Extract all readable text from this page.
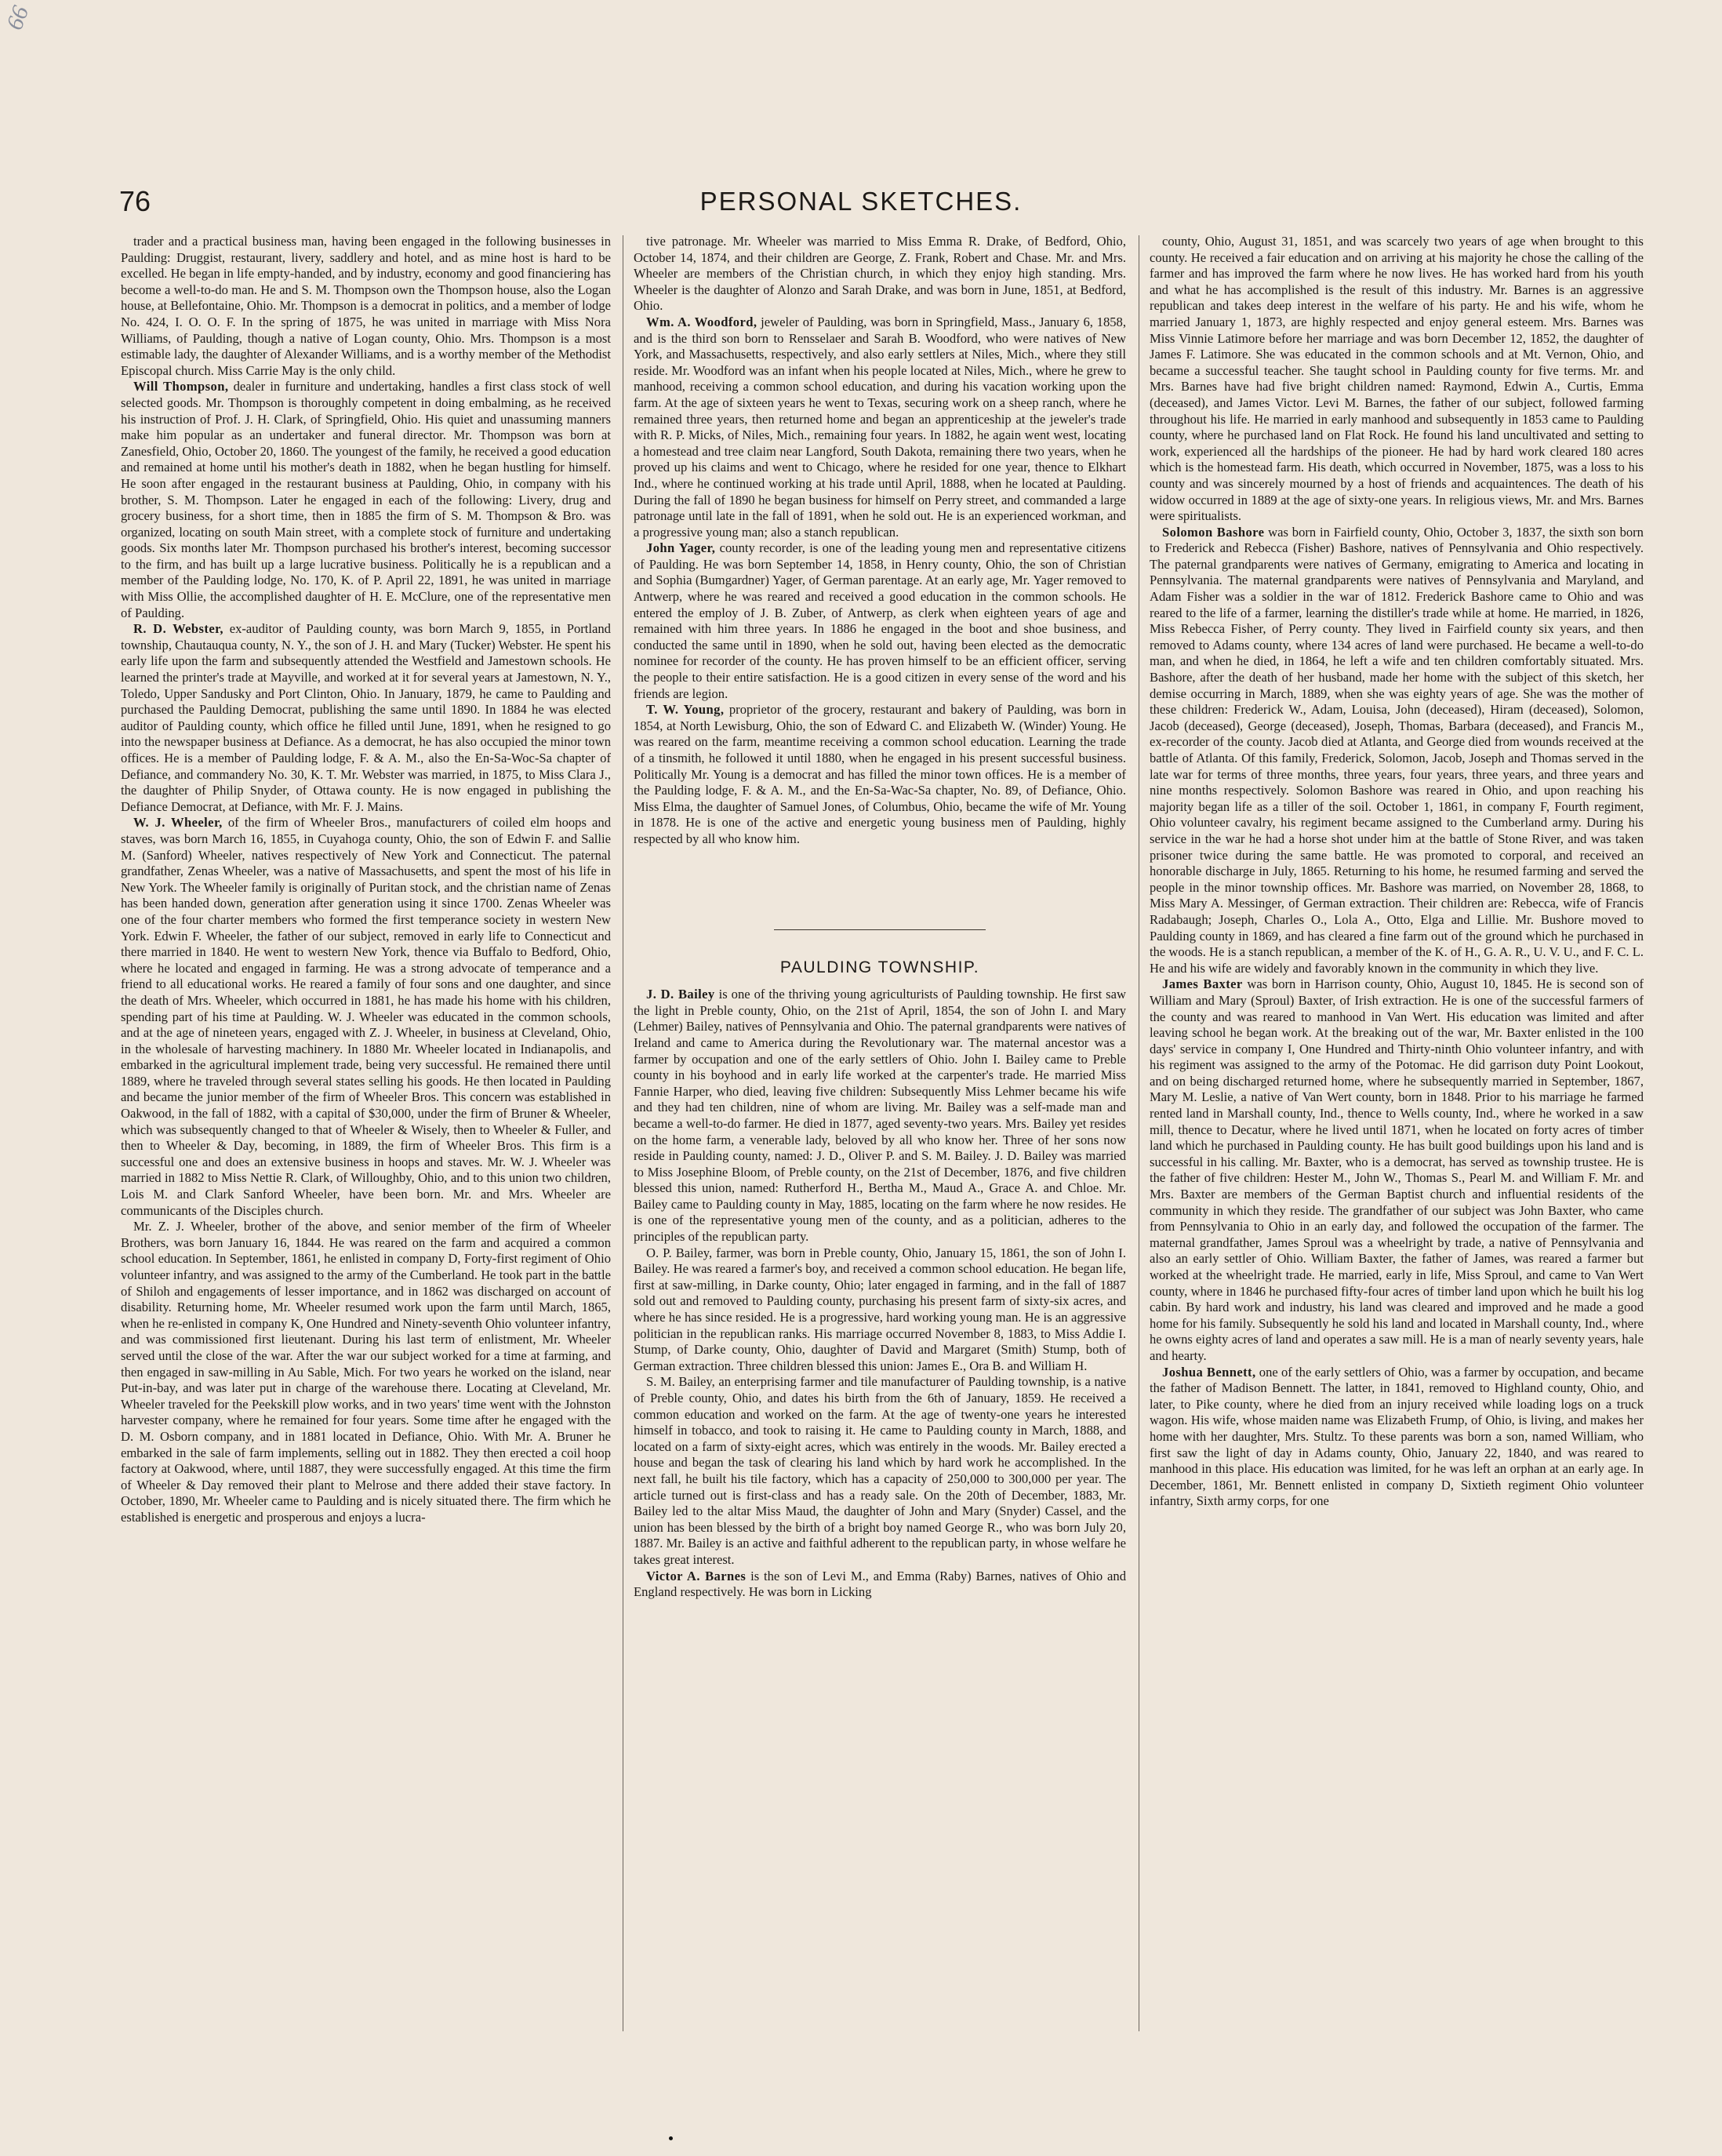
66
76	PERSONAL SKETCHES.

trader and a practical business man, having been engaged in the following businesses in Paulding: Druggist, restaurant, livery, saddlery and hotel, and as mine host is hard to be excelled. He began in life empty-handed, and by industry, economy and good financiering has become a well-to-do man. He and S. M. Thompson own the Thompson house, also the Logan house, at Bellefontaine, Ohio. Mr. Thompson is a democrat in politics, and a member of lodge No. 424, I. O. O. F. In the spring of 1875, he was united in marriage with Miss Nora Williams, of Paulding, though a native of Logan county, Ohio. Mrs. Thompson is a most estimable lady, the daughter of Alexander Williams, and is a worthy member of the Methodist Episcopal church. Miss Carrie May is the only child.

Will Thompson, dealer in furniture and undertaking, handles a first class stock of well selected goods. Mr. Thompson is thoroughly competent in doing embalming, as he received his instruction of Prof. J. H. Clark, of Springfield, Ohio. His quiet and unassuming manners make him popular as an undertaker and funeral director. Mr. Thompson was born at Zanesfield, Ohio, October 20, 1860. The youngest of the family, he received a good education and remained at home until his mother's death in 1882, when he began hustling for himself. He soon after engaged in the restaurant business at Paulding, Ohio, in company with his brother, S. M. Thompson. Later he engaged in each of the following: Livery, drug and grocery business, for a short time, then in 1885 the firm of S. M. Thompson & Bro. was organized, locating on south Main street, with a complete stock of furniture and undertaking goods. Six months later Mr. Thompson purchased his brother's interest, becoming successor to the firm, and has built up a large lucrative business. Politically he is a republican and a member of the Paulding lodge, No. 170, K. of P. April 22, 1891, he was united in marriage with Miss Ollie, the accomplished daughter of H. E. McClure, one of the representative men of Paulding.

R. D. Webster, ex-auditor of Paulding county, was born March 9, 1855, in Portland township, Chautauqua county, N. Y., the son of J. H. and Mary (Tucker) Webster. He spent his early life upon the farm and subsequently attended the Westfield and Jamestown schools. He learned the printer's trade at Mayville, and worked at it for several years at Jamestown, N. Y., Toledo, Upper Sandusky and Port Clinton, Ohio. In January, 1879, he came to Paulding and purchased the Paulding Democrat, publishing the same until 1890. In 1884 he was elected auditor of Paulding county, which office he filled until June, 1891, when he resigned to go into the newspaper business at Defiance. As a democrat, he has also occupied the minor town offices. He is a member of Paulding lodge, F. & A. M., also the En-Sa-Woc-Sa chapter of Defiance, and commandery No. 30, K. T. Mr. Webster was married, in 1875, to Miss Clara J., the daughter of Philip Snyder, of Ottawa county. He is now engaged in publishing the Defiance Democrat, at Defiance, with Mr. F. J. Mains.

W. J. Wheeler, of the firm of Wheeler Bros., manufacturers of coiled elm hoops and staves, was born March 16, 1855, in Cuyahoga county, Ohio, the son of Edwin F. and Sallie M. (Sanford) Wheeler, natives respectively of New York and Connecticut. The paternal grandfather, Zenas Wheeler, was a native of Massachusetts, and spent the most of his life in New York. The Wheeler family is originally of Puritan stock, and the christian name of Zenas has been handed down, generation after generation using it since 1700. Zenas Wheeler was one of the four charter members who formed the first temperance society in western New York. Edwin F. Wheeler, the father of our subject, removed in early life to Connecticut and there married in 1840. He went to western New York, thence via Buffalo to Bedford, Ohio, where he located and engaged in farming. He was a strong advocate of temperance and a friend to all educational works. He reared a family of four sons and one daughter, and since the death of Mrs. Wheeler, which occurred in 1881, he has made his home with his children, spending part of his time at Paulding. W. J. Wheeler was educated in the common schools, and at the age of nineteen years, engaged with Z. J. Wheeler, in business at Cleveland, Ohio, in the wholesale of harvesting machinery. In 1880 Mr. Wheeler located in Indianapolis, and embarked in the agricultural implement trade, being very successful. He remained there until 1889, where he traveled through several states selling his goods. He then located in Paulding and became the junior member of the firm of Wheeler Bros. This concern was established in Oakwood, in the fall of 1882, with a capital of $30,000, under the firm of Bruner & Wheeler, which was subsequently changed to that of Wheeler & Wisely, then to Wheeler & Fuller, and then to Wheeler & Day, becoming, in 1889, the firm of Wheeler Bros. This firm is a successful one and does an extensive business in hoops and staves. Mr. W. J. Wheeler was married in 1882 to Miss Nettie R. Clark, of Willoughby, Ohio, and to this union two children, Lois M. and Clark Sanford Wheeler, have been born. Mr. and Mrs. Wheeler are communicants of the Disciples church.

Mr. Z. J. Wheeler, brother of the above, and senior member of the firm of Wheeler Brothers, was born January 16, 1844. He was reared on the farm and acquired a common school education. In September, 1861, he enlisted in company D, Forty-first regiment of Ohio volunteer infantry, and was assigned to the army of the Cumberland. He took part in the battle of Shiloh and engagements of lesser importance, and in 1862 was discharged on account of disability. Returning home, Mr. Wheeler resumed work upon the farm until March, 1865, when he re-enlisted in company K, One Hundred and Ninety-seventh Ohio volunteer infantry, and was commissioned first lieutenant. During his last term of enlistment, Mr. Wheeler served until the close of the war. After the war our subject worked for a time at farming, and then engaged in saw-milling in Au Sable, Mich. For two years he worked on the island, near Put-in-bay, and was later put in charge of the warehouse there. Locating at Cleveland, Mr. Wheeler traveled for the Peekskill plow works, and in two years' time went with the Johnston harvester company, where he remained for four years. Some time after he engaged with the D. M. Osborn company, and in 1881 located in Defiance, Ohio. With Mr. A. Bruner he embarked in the sale of farm implements, selling out in 1882. They then erected a coil hoop factory at Oakwood, where, until 1887, they were successfully engaged. At this time the firm of Wheeler & Day removed their plant to Melrose and there added their stave factory. In October, 1890, Mr. Wheeler came to Paulding and is nicely situated there. The firm which he established is energetic and prosperous and enjoys a lucra-

tive patronage. Mr. Wheeler was married to Miss Emma R. Drake, of Bedford, Ohio, October 14, 1874, and their children are George, Z. Frank, Robert and Chase. Mr. and Mrs. Wheeler are members of the Christian church, in which they enjoy high standing. Mrs. Wheeler is the daughter of Alonzo and Sarah Drake, and was born in June, 1851, at Bedford, Ohio.

Wm. A. Woodford, jeweler of Paulding, was born in Springfield, Mass., January 6, 1858, and is the third son born to Rensselaer and Sarah B. Woodford, who were natives of New York, and Massachusetts, respectively, and also early settlers at Niles, Mich., where they still reside. Mr. Woodford was an infant when his people located at Niles, Mich., where he grew to manhood, receiving a common school education, and during his vacation working upon the farm. At the age of sixteen years he went to Texas, securing work on a sheep ranch, where he remained three years, then returned home and began an apprenticeship at the jeweler's trade with R. P. Micks, of Niles, Mich., remaining four years. In 1882, he again went west, locating a homestead and tree claim near Langford, South Dakota, remaining there two years, when he proved up his claims and went to Chicago, where he resided for one year, thence to Elkhart Ind., where he continued working at his trade until April, 1888, when he located at Paulding. During the fall of 1890 he began business for himself on Perry street, and commanded a large patronage until late in the fall of 1891, when he sold out. He is an experienced workman, and a progressive young man; also a stanch republican.

John Yager, county recorder, is one of the leading young men and representative citizens of Paulding. He was born September 14, 1858, in Henry county, Ohio, the son of Christian and Sophia (Bumgardner) Yager, of German parentage. At an early age, Mr. Yager removed to Antwerp, where he was reared and received a good education in the common schools. He entered the employ of J. B. Zuber, of Antwerp, as clerk when eighteen years of age and remained with him three years. In 1886 he engaged in the boot and shoe business, and conducted the same until in 1890, when he sold out, having been elected as the democratic nominee for recorder of the county. He has proven himself to be an efficient officer, serving the people to their entire satisfaction. He is a good citizen in every sense of the word and his friends are legion.

T. W. Young, proprietor of the grocery, restaurant and bakery of Paulding, was born in 1854, at North Lewisburg, Ohio, the son of Edward C. and Elizabeth W. (Winder) Young. He was reared on the farm, meantime receiving a common school education. Learning the trade of a tinsmith, he followed it until 1880, when he engaged in his present successful business. Politically Mr. Young is a democrat and has filled the minor town offices. He is a member of the Paulding lodge, F. & A. M., and the En-Sa-Wac-Sa chapter, No. 89, of Defiance, Ohio. Miss Elma, the daughter of Samuel Jones, of Columbus, Ohio, became the wife of Mr. Young in 1878. He is one of the active and energetic young business men of Paulding, highly respected by all who know him.

PAULDING TOWNSHIP.

J. D. Bailey is one of the thriving young agriculturists of Paulding township. He first saw the light in Preble county, Ohio, on the 21st of April, 1854, the son of John I. and Mary (Lehmer) Bailey, natives of Pennsylvania and Ohio. The paternal grandparents were natives of Ireland and came to America during the Revolutionary war. The maternal ancestor was a farmer by occupation and one of the early settlers of Ohio. John I. Bailey came to Preble county in his boyhood and in early life worked at the carpenter's trade. He married Miss Fannie Harper, who died, leaving five children: Subsequently Miss Lehmer became his wife and they had ten children, nine of whom are living. Mr. Bailey was a self-made man and became a well-to-do farmer. He died in 1877, aged seventy-two years. Mrs. Bailey yet resides on the home farm, a venerable lady, beloved by all who know her. Three of her sons now reside in Paulding county, named: J. D., Oliver P. and S. M. Bailey. J. D. Bailey was married to Miss Josephine Bloom, of Preble county, on the 21st of December, 1876, and five children blessed this union, named: Rutherford H., Bertha M., Maud A., Grace A. and Chloe. Mr. Bailey came to Paulding county in May, 1885, locating on the farm where he now resides. He is one of the representative young men of the county, and as a politician, adheres to the principles of the republican party.

O. P. Bailey, farmer, was born in Preble county, Ohio, January 15, 1861, the son of John I. Bailey. He was reared a farmer's boy, and received a common school education. He began life, first at saw-milling, in Darke county, Ohio; later engaged in farming, and in the fall of 1887 sold out and removed to Paulding county, purchasing his present farm of sixty-six acres, and where he has since resided. He is a progressive, hard working young man. He is an aggressive politician in the republican ranks. His marriage occurred November 8, 1883, to Miss Addie I. Stump, of Darke county, Ohio, daughter of David and Margaret (Smith) Stump, both of German extraction. Three children blessed this union: James E., Ora B. and William H.

S. M. Bailey, an enterprising farmer and tile manufacturer of Paulding township, is a native of Preble county, Ohio, and dates his birth from the 6th of January, 1859. He received a common education and worked on the farm. At the age of twenty-one years he interested himself in tobacco, and took to raising it. He came to Paulding county in March, 1888, and located on a farm of sixty-eight acres, which was entirely in the woods. Mr. Bailey erected a house and began the task of clearing his land which by hard work he accomplished. In the next fall, he built his tile factory, which has a capacity of 250,000 to 300,000 per year. The article turned out is first-class and has a ready sale. On the 20th of December, 1883, Mr. Bailey led to the altar Miss Maud, the daughter of John and Mary (Snyder) Cassel, and the union has been blessed by the birth of a bright boy named George R., who was born July 20, 1887. Mr. Bailey is an active and faithful adherent to the republican party, in whose welfare he takes great interest.

Victor A. Barnes is the son of Levi M., and Emma (Raby) Barnes, natives of Ohio and England respectively. He was born in Licking

county, Ohio, August 31, 1851, and was scarcely two years of age when brought to this county. He received a fair education and on arriving at his majority he chose the calling of the farmer and has improved the farm where he now lives. He has worked hard from his youth and what he has accomplished is the result of this industry. Mr. Barnes is an aggressive republican and takes deep interest in the welfare of his party. He and his wife, whom he married January 1, 1873, are highly respected and enjoy general esteem. Mrs. Barnes was Miss Vinnie Latimore before her marriage and was born December 12, 1852, the daughter of James F. Latimore. She was educated in the common schools and at Mt. Vernon, Ohio, and became a successful teacher. She taught school in Paulding county for five terms. Mr. and Mrs. Barnes have had five bright children named: Raymond, Edwin A., Curtis, Emma (deceased), and James Victor. Levi M. Barnes, the father of our subject, followed farming throughout his life. He married in early manhood and subsequently in 1853 came to Paulding county, where he purchased land on Flat Rock. He found his land uncultivated and setting to work, experienced all the hardships of the pioneer. He had by hard work cleared 180 acres which is the homestead farm. His death, which occurred in November, 1875, was a loss to his county and was sincerely mourned by a host of friends and acquaintences. The death of his widow occurred in 1889 at the age of sixty-one years. In religious views, Mr. and Mrs. Barnes were spiritualists.

Solomon Bashore was born in Fairfield county, Ohio, October 3, 1837, the sixth son born to Frederick and Rebecca (Fisher) Bashore, natives of Pennsylvania and Ohio respectively. The paternal grandparents were natives of Germany, emigrating to America and locating in Pennsylvania. The maternal grandparents were natives of Pennsylvania and Maryland, and Adam Fisher was a soldier in the war of 1812. Frederick Bashore came to Ohio and was reared to the life of a farmer, learning the distiller's trade while at home. He married, in 1826, Miss Rebecca Fisher, of Perry county. They lived in Fairfield county six years, and then removed to Adams county, where 134 acres of land were purchased. He became a well-to-do man, and when he died, in 1864, he left a wife and ten children comfortably situated. Mrs. Bashore, after the death of her husband, made her home with the subject of this sketch, her demise occurring in March, 1889, when she was eighty years of age. She was the mother of these children: Frederick W., Adam, Louisa, John (deceased), Hiram (deceased), Solomon, Jacob (deceased), George (deceased), Joseph, Thomas, Barbara (deceased), and Francis M., ex-recorder of the county. Jacob died at Atlanta, and George died from wounds received at the battle of Atlanta. Of this family, Frederick, Solomon, Jacob, Joseph and Thomas served in the late war for terms of three months, three years, four years, three years, and three years and nine months respectively. Solomon Bashore was reared in Ohio, and upon reaching his majority began life as a tiller of the soil. October 1, 1861, in company F, Fourth regiment, Ohio volunteer cavalry, his regiment became assigned to the Cumberland army. During his service in the war he had a horse shot under him at the battle of Stone River, and was taken prisoner twice during the same battle. He was promoted to corporal, and received an honorable discharge in July, 1865. Returning to his home, he resumed farming and served the people in the minor township offices. Mr. Bashore was married, on November 28, 1868, to Miss Mary A. Messinger, of German extraction. Their children are: Rebecca, wife of Francis Radabaugh; Joseph, Charles O., Lola A., Otto, Elga and Lillie. Mr. Bushore moved to Paulding county in 1869, and has cleared a fine farm out of the ground which he purchased in the woods. He is a stanch republican, a member of the K. of H., G. A. R., U. V. U., and F. C. L. He and his wife are widely and favorably known in the community in which they live.

James Baxter was born in Harrison county, Ohio, August 10, 1845. He is second son of William and Mary (Sproul) Baxter, of Irish extraction. He is one of the successful farmers of the county and was reared to manhood in Van Wert. His education was limited and after leaving school he began work. At the breaking out of the war, Mr. Baxter enlisted in the 100 days' service in company I, One Hundred and Thirty-ninth Ohio volunteer infantry, and with his regiment was assigned to the army of the Potomac. He did garrison duty Point Lookout, and on being discharged returned home, where he subsequently married in September, 1867, Mary M. Leslie, a native of Van Wert county, born in 1848. Prior to his marriage he farmed rented land in Marshall county, Ind., thence to Wells county, Ind., where he worked in a saw mill, thence to Decatur, where he lived until 1871, when he located on forty acres of timber land which he purchased in Paulding county. He has built good buildings upon his land and is successful in his calling. Mr. Baxter, who is a democrat, has served as township trustee. He is the father of five children: Hester M., John W., Thomas S., Pearl M. and William F. Mr. and Mrs. Baxter are members of the German Baptist church and influential residents of the community in which they reside. The grandfather of our subject was John Baxter, who came from Pennsylvania to Ohio in an early day, and followed the occupation of the farmer. The maternal grandfather, James Sproul was a wheelright by trade, a native of Pennsylvania and also an early settler of Ohio. William Baxter, the father of James, was reared a farmer but worked at the wheelright trade. He married, early in life, Miss Sproul, and came to Van Wert county, where in 1846 he purchased fifty-four acres of timber land upon which he built his log cabin. By hard work and industry, his land was cleared and improved and he made a good home for his family. Subsequently he sold his land and located in Marshall county, Ind., where he owns eighty acres of land and operates a saw mill. He is a man of nearly seventy years, hale and hearty.

Joshua Bennett, one of the early settlers of Ohio, was a farmer by occupation, and became the father of Madison Bennett. The latter, in 1841, removed to Highland county, Ohio, and later, to Pike county, where he died from an injury received while loading logs on a truck wagon. His wife, whose maiden name was Elizabeth Frump, of Ohio, is living, and makes her home with her daughter, Mrs. Stultz. To these parents was born a son, named William, who first saw the light of day in Adams county, Ohio, January 22, 1840, and was reared to manhood in this place. His education was limited, for he was left an orphan at an early age. In December, 1861, Mr. Bennett enlisted in company D, Sixtieth regiment Ohio volunteer infantry, Sixth army corps, for one
